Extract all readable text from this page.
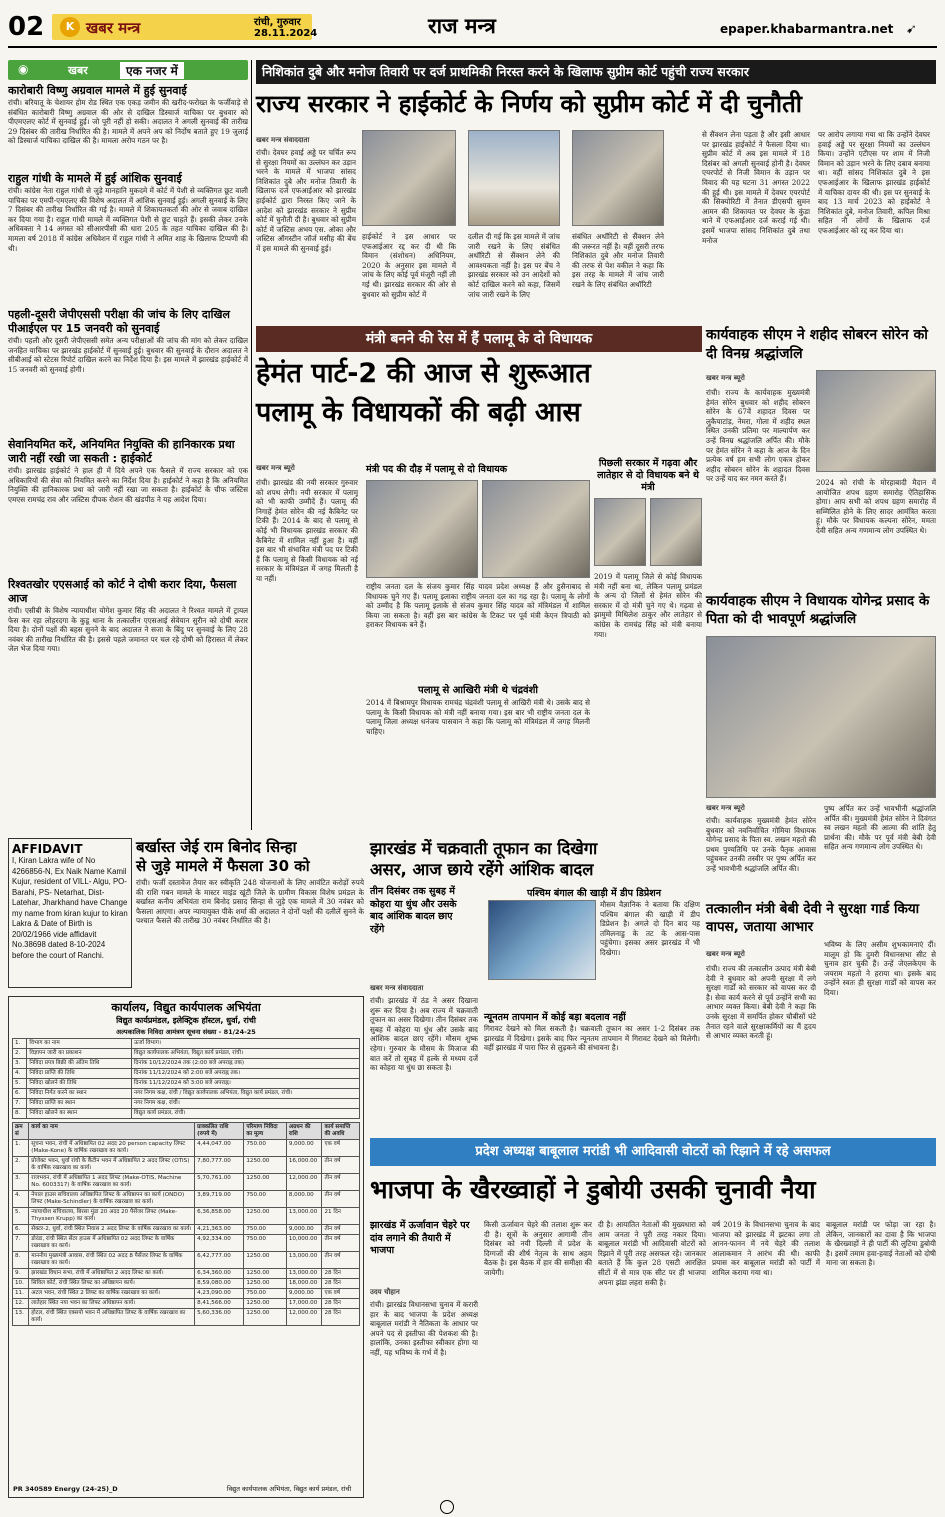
02	K खबर मन्त्र	रांची, गुरुवार
28.11.2024	राज मन्त्र	epaper.khabarmantra.net ➹
◉	खबर	एक नजर में
कारोबारी विष्णु अग्रवाल मामले में हुई सुनवाई
रांची। बरियातू के चेशायर होम रोड स्थित एक एकड़ जमीन की खरीद-फरोख्त के फर्जीवाड़े से संबंधित कारोबारी विष्णु अग्रवाल की ओर से दाखिल डिस्चार्ज याचिका पर बुधवार को पीएमएलए कोर्ट में सुनवाई हुई। जो पूरी नहीं हो सकी। अदालत ने अगली सुनवाई की तारीख 29 दिसंबर की तारीख निर्धारित की है। मामले में अपने अप को निर्दोष बताते हुए 19 जुलाई को डिस्चार्ज याचिका दाखिल की है। मामला अरोप गठन पर है।
राहुल गांधी के मामले में हुई आंशिक सुनवाई
रांची। कांग्रेस नेता राहुल गांधी से जुड़े मानहानि मुकदमे में कोर्ट में पेशी से व्यक्तिगत छूट वाली याचिका पर एमपी-एमएलए की विशेष अदालत में आंशिक सुनवाई हुई। अगली सुनवाई के लिए 7 दिसंबर की तारीख निर्धारित की गई है। मामले में शिकायतकर्ता की ओर से जवाब दाखिल कर दिया गया है। राहुल गांधी मामले में व्यक्तिगत पेशी से छूट चाहते हैं। इसकी लेकर उनके अधिवक्ता ने 14 अगस्त को सीआरपीसी की धारा 205 के तहत याचिका दाखिल की है। मामला वर्ष 2018 में कांग्रेस अधिवेशन में राहुल गांधी ने अमित शाह के खिलाफ टिप्पणी की थी।
पहली-दूसरी जेपीएससी परीक्षा की जांच के लिए दाखिल पीआईएल पर 15 जनवरी को सुनवाई
रांची। पहली और दूसरी जेपीएससी समेत अन्य परीक्षाओं की जांच की मांग को लेकर दाखिल जनहित याचिका पर झारखंड हाईकोर्ट में सुनवाई हुई। बुधवार की सुनवाई के दौरान अदालत ने सीबीआई को स्टेटस रिपोर्ट दाखिल करने का निर्देश दिया है। इस मामले में झारखंड हाईकोर्ट में 15 जनवरी को सुनवाई होगी।
सेवानियमित करें, अनियमित नियुक्ति की हानिकारक प्रथा जारी नहीं रखी जा सकती : हाईकोर्ट
रांची। झारखंड हाईकोर्ट ने हाल ही में दिये अपने एक फैसले में राज्य सरकार को एक अधिकारियों की सेवा को नियमित करने का निर्देश दिया है। हाईकोर्ट ने कहा है कि अनियमित नियुक्ति की हानिकारक प्रथा को जारी नहीं रखा जा सकता है। हाईकोर्ट के चीफ जस्टिस एमएस रामचंद्र राव और जस्टिस दीपक रोशन की खंडपीठ ने यह आदेश दिया।
रिश्वतखोर एएसआई को कोर्ट ने दोषी करार दिया, फैसला आज
रांची। एसीबी के विशेष न्यायाधीश योगेश कुमार सिंह की अदालत ने रिश्वत मामले में ट्रायल फेस कर रहा लोहरदगा के कुडू थाना के तत्कालीन एएसआई सेवेयान सुरीन को दोषी करार दिया है। दोनों पक्षों की बहस सुनने के बाद अदालत ने सजा के बिंदु पर सुनवाई के लिए 28 नवंबर की तारीख निर्धारित की है। इससे पहले जमानत पर चल रहे दोषी को हिरासत में लेकर जेल भेज दिया गया।
निशिकांत दुबे और मनोज तिवारी पर दर्ज प्राथमिकी निरस्त करने के खिलाफ सुप्रीम कोर्ट पहुंची राज्य सरकार
राज्य सरकार ने हाईकोर्ट के निर्णय को सुप्रीम कोर्ट में दी चुनौती
खबर मन्त्र संवाददाता
रांची। देवघर हवाई अड्डे पर चर्चित रूप से सुरक्षा नियमों का उल्लंघन कर उड़ान भरने के मामले में भाजपा सांसद निशिकांत दुबे और मनोज तिवारी के खिलाफ दर्ज एफआईआर को झारखंड हाईकोर्ट द्वारा निरस्त किए जाने के आदेश को झारखंड सरकार ने सुप्रीम कोर्ट में चुनौती दी है। बुधवार को सुप्रीम कोर्ट में जस्टिस अभय एस. ओका और जस्टिस ऑगस्टीन जॉर्ज मसीह की बेंच में इस मामले की सुनवाई हुई।
हाईकोर्ट ने इस आधार पर एफआईआर रद्द कर दी थी कि विमान (संशोधन) अधिनियम, 2020 के अनुसार इस मामले में जांच के लिए कोई पूर्व मंजूरी नहीं ली गई थी। झारखंड सरकार की ओर से बुधवार को सुप्रीम कोर्ट में
दलील दी गई कि इस मामले में जांच जारी रखने के लिए संबंधित अथॉरिटी से सैंक्शन लेने की आवश्यकता नहीं है। इस पर बेंच ने झारखंड सरकार को उन आदेशों को कोर्ट दाखिल करने को कहा, जिसमें जांच जारी रखने के लिए
संबंधित अथॉरिटी से सैंक्शन लेने की जरूरत नहीं है। वहीं दूसरी तरफ निशिकांत दुबे और मनोज तिवारी की तरफ से पेश वकील ने कहा कि इस तरह के मामले में जांच जारी रखने के लिए संबंधित अथॉरिटी
से सैंक्शन लेना पड़ता है और इसी आधार पर झारखंड हाईकोर्ट ने फैसला दिया था। सुप्रीम कोर्ट में अब इस मामले में 18 दिसंबर को अगली सुनवाई होनी है। देवघर एयरपोर्ट से निजी विमान के उड़ान पर विवाद की यह घटना 31 अगस्त 2022 की हुई थी। इस मामले में देवघर एयरपोर्ट की सिक्योरिटी में तैनात डीएसपी सुमन आमन की शिकायत पर देवघर के कुंडा थाने में एफआईआर दर्ज कराई गई थी। इसमें भाजपा सांसद निशिकांत दुबे तथा मनोज
पर आरोप लगाया गया था कि उन्होंने देवघर हवाई अड्डे पर सुरक्षा नियमों का उल्लंघन किया। उन्होंने एटीएस पर शाम में निजी विमान को उड़ान भरने के लिए दबाव बनाया था। वहीं सांसद निशिकांत दुबे ने इस एफआईआर के खिलाफ झारखंड हाईकोर्ट में याचिका दायर की थी। इस पर सुनवाई के बाद 13 मार्च 2023 को हाईकोर्ट ने निशिकांत दुबे, मनोज तिवारी, कपिल मिश्रा सहित नौ लोगों के खिलाफ दर्ज एफआईआर को रद्द कर दिया था।
मंत्री बनने की रेस में हैं पलामू के दो विधायक
हेमंत पार्ट-2 की आज से शुरूआत
पलामू के विधायकों की बढ़ी आस
खबर मन्त्र ब्यूरो
रांची। झारखंड की नयी सरकार गुरुवार को शपथ लेगी। नयी सरकार में पलामू को भी काफी उम्मीदें हैं। पलामू की निगाहें हेमंत सोरेन की नई कैबिनेट पर टिकी हैं। 2014 के बाद से पलामू से कोई भी विधायक झारखंड सरकार की कैबिनेट में शामिल नहीं हुआ है। वहीं इस बार भी संभावित मंत्री पद पर टिकी हैं कि पलामू से किसी विधायक को नई सरकार के मंत्रिमंडल में जगह मिलती है या नहीं।
मंत्री पद की दौड़ में पलामू से दो विधायक
राष्ट्रीय जनता दल के संजय कुमार सिंह यादव प्रदेश अध्यक्ष हैं और हुसैनाबाद से विधायक चुने गए हैं। पलामू इलाका राष्ट्रीय जनता दल का गढ़ रहा है। पलामू के लोगों को उम्मीद है कि पलामू इलाके से संजय कुमार सिंह यादव को मंत्रिमंडल में शामिल किया जा सकता है। वहीं इस बार कांग्रेस के टिकट पर पूर्व मंत्री केएन त्रिपाठी को हराकर विधायक बने हैं।
पलामू से आखिरी मंत्री थे चंद्रवंशी
2014 में बिश्रामपुर विधायक रामचंद्र चंद्रवंशी पलामू से आखिरी मंत्री थे। उसके बाद से पलामू के किसी विधायक को मंत्री नहीं बनाया गया। इस बार भी राष्ट्रीय जनता दल के पलामू जिला अध्यक्ष धनंजय पासवान ने कहा कि पलामू को मंत्रिमंडल में जगह मिलनी चाहिए।
पिछली सरकार में गढ़वा और लातेहार से दो विधायक बने थे मंत्री
2019 में पलामू जिले से कोई विधायक मंत्री नहीं बना था, लेकिन पलामू प्रमंडल के अन्य दो जिलों से हेमंत सोरेन की सरकार में दो मंत्री चुने गए थे। गढ़वा से झामुमो मिथिलेश ठाकुर और लातेहार से कांग्रेस के रामचंद्र सिंह को मंत्री बनाया गया।
कार्यवाहक सीएम ने शहीद सोबरन सोरेन को दी विनम्र श्रद्धांजलि
खबर मन्त्र ब्यूरो
रांची। राज्य के कार्यवाहक मुख्यमंत्री हेमंत सोरेन बुधवार को शहीद सोबरन सोरेन के 67वें शहादत दिवस पर लुकैयाटांड़, नेमरा, गोला में शहीद स्थल स्थित उनकी प्रतिमा पर माल्यार्पण कर उन्हें विनम्र श्रद्धांजलि अर्पित की। मौके पर हेमंत सोरेन ने कहा के आज के दिन प्रत्येक वर्ष हम सभी लोग एकत्र होकर शहीद सोबरन सोरेन के शहादत दिवस पर उन्हें याद कर नमन करते हैं।	2024 को रांची के मोरहाबादी मैदान में आयोजित शपथ ग्रहण समारोह ऐतिहासिक होगा। आप सभी को शपथ ग्रहण समारोह में सम्मिलित होने के लिए सादर आमंत्रित करता हूं। मौके पर विधायक कल्पना सोरेन, ममता देवी सहित अन्य गणमान्य लोग उपस्थित थे।
कार्यवाहक सीएम ने विधायक योगेन्द्र प्रसाद के पिता को दी भावपूर्ण श्रद्धांजलि
खबर मन्त्र ब्यूरो
रांची। कार्यवाहक मुख्यमंत्री हेमंत सोरेन बुधवार को नवनिर्वाचित गोमिया विधायक योगेन्द्र प्रसाद के पिता स्व. लखन महतो की प्रथम पुण्यतिथि पर उनके पैतृक आवास पहुंचकर उनकी तस्वीर पर पुष्प अर्पित कर उन्हें भावभीनी श्रद्धांजलि अर्पित की।
पुष्प अर्पित कर उन्हें भावभीनी श्रद्धांजलि अर्पित की। मुख्यमंत्री हेमंत सोरेन ने दिवंगत स्व लखन महतो की आत्मा की शांति हेतु प्रार्थना की। मौके पर पूर्व मंत्री बेबी देवी सहित अन्य गणमान्य लोग उपस्थित थे।
तत्कालीन मंत्री बेबी देवी ने सुरक्षा गार्ड किया वापस, जताया आभार
खबर मन्त्र ब्यूरो
रांची। राज्य की तत्कालीन उत्पाद मंत्री बेबी देवी ने बुधवार को अपनी सुरक्षा में लगे सुरक्षा गार्डों को सरकार को वापस कर दी है। सेवा कार्य करने से पूर्व उन्होंने सभी का आभार व्यक्त किया। बेबी देवी ने कहा कि उनके सुरक्षा में समर्पित होकर चौबीसों घंटे तैनात रहने वाले सुरक्षाकर्मियों का मैं हृदय से आभार व्यक्त करती हूं।
भविष्य के लिए असीम शुभकामनाएं दीं। मालूम हो कि दुमरी विधानसभा सीट से चुनाव हार चुकी हैं। उन्हें जेएलकेएम के जयराम महतो ने हराया था। इसके बाद उन्होंने स्वतः ही सुरक्षा गार्डों को वापस कर दिया।
AFFIDAVIT
I, Kiran Lakra wife of No 4266856-N, Ex Naik Name Kamil Kujur, resident of VILL- Algu, PO- Barahi, PS- Netarhat, Dist- Latehar, Jharkhand have Change my name from kiran kujur to kiran Lakra & Date of Birth is 20/02/1966 vide affidavit No.38698 dated 8-10-2024 before the court of Ranchi.
बर्खास्त जेई राम बिनोद सिन्हा
से जुड़े मामले में फैसला 30 को
रांची। फर्जी दस्तावेज तैयार कर स्वीकृति 248 योजनाओं के लिए आवंटित करोड़ों रुपये की राशि गबन मामले के मास्टर माइंड खूंटी जिले के ग्रामीण विकास विशेष प्रमंडल के बर्खास्त कनीय अभियंता राम बिनोद प्रसाद सिन्हा से जुड़े एक मामले में 30 नवंबर को फैसला आएगा। अपर न्यायायुक्त पीके शर्मा की अदालत ने दोनों पक्षों की दलीलें सुनने के पश्चात फैसले की तारीख 30 नवंबर निर्धारित की है।
कार्यालय, विद्युत कार्यपालक अभियंता
विद्युत कार्यप्रमंडल, इलेक्ट्रिक हॉस्टल, धुर्वा, रांची
अल्पकालिक निविदा आमंत्रण सूचना संख्या - 81/24-25
1.	विभाग का नाम	ऊर्जा विभाग।
2.	विज्ञापन जारी का प्रकाशन	विद्युत कार्यपालक अभियंता, विद्युत कार्य प्रमंडल, रांची।
3.	निविदा प्रपत्र बिक्री की अंतिम तिथि	दिनांक 10/12/2024 तक (2:00 बजे अपराह्न तक)
4.	निविदा प्राप्ति की तिथि	दिनांक 11/12/2024 को 2:00 बजे अपराह्न तक।
5.	निविदा खोलने की तिथि	दिनांक 11/12/2024 को 3:00 बजे अपराह्न।
6.	निविदा निर्गत करने का स्थान	नगर निगम कक्ष, रांची / विद्युत कार्यपालक अभियंता, विद्युत कार्य प्रमंडल, रांची।
7.	निविदा प्राप्ति का स्थान	नगर निगम कक्ष, रांची।
8.	निविदा खोलने का स्थान	विद्युत कार्य प्रमंडल, रांची।
क्रम सं	कार्य का नाम	प्राक्कलित राशि (रुपये में)	परिमाण निविदा का मूल्य	अग्रधन की राशि	कार्य समाप्ति की अवधि
1.	सूचना भवन, रांची में अधिष्ठापित 02 अदद 20 person capacity लिफ्ट (Make-Kone) के वार्षिक रखरखाव का कार्य।	4,44,047.00	750.00	9,000.00	एक वर्ष
2.	प्रोजेक्ट भवन, धुर्वा रांची के कैंटीन भवन में अधिष्ठापित 2 अदद लिफ्ट (OTIS) के वार्षिक रखरखाव का कार्य।	7,80,777.00	1250.00	16,000.00	तीन वर्ष
3.	राजभवन, रांची में अधिष्ठापित 1 अदद लिफ्ट (Make-OTIS, Machine No. 6003317) के वार्षिक रखरखाव का कार्य।	5,70,761.00	1250.00	12,000.00	तीन वर्ष
4.	नेपाल हाउस सचिवालय अधिष्ठापित लिफ्ट के अधिष्ठापन का कार्य (ONDO) लिफ्ट (Make-Schindler) के वार्षिक रखरखाव का कार्य।	3,89,719.00	750.00	8,000.00	तीन वर्ष
5.	न्यायाधीश सचिवालय, बिरसा मुंडा 20 अदद 20 पैसेंजर लिफ्ट (Make-Thyssen Krupp) का कार्य।	6,36,858.00	1250.00	13,000.00	21 दिन
6.	सेक्टर-2, धुर्वा, रांची स्थित निवास 2 अदद लिफ्ट के वार्षिक रखरखाव का कार्य।	4,21,363.00	750.00	9,000.00	तीन वर्ष
7.	डोरंडा, रांची स्थित सेंटर हाउस में अधिष्ठापित 02 अदद लिफ्ट के वार्षिक रखरखाव का कार्य।	4,92,334.00	750.00	10,000.00	तीन वर्ष
8.	माननीय मुख्यमंत्री आवास, रांची स्थित 02 अदद 8 पैसेंजर लिफ्ट के वार्षिक रखरखाव का कार्य।	6,42,777.00	1250.00	13,000.00	तीन वर्ष
9.	झारखंड विधान सभा, रांची में अधिष्ठापित 2 अदद लिफ्ट का कार्य।	6,34,360.00	1250.00	13,000.00	28 दिन
10.	सिविल कोर्ट, रांची स्थित लिफ्ट का अधिष्ठापन कार्य।	8,59,080.00	1250.00	18,000.00	28 दिन
11.	अटल भवन, रांची स्थित 2 लिफ्ट का वार्षिक रखरखाव का कार्य।	4,23,090.00	750.00	9,000.00	एक वर्ष
12.	लातेहार स्थित नया भवन का लिफ्ट अधिष्ठापन कार्य।	8,41,566.00	1250.00	17,000.00	28 दिन
13.	होटल, रांची स्थित एक्सपो भवन में अधिष्ठापित लिफ्ट के वार्षिक रखरखाव का कार्य।	5,60,336.00	1250.00	12,000.00	28 दिन
PR 340589 Energy (24-25)_D	विद्युत कार्यपालक अभियंता, विद्युत कार्य प्रमंडल, रांची
झारखंड में चक्रवाती तूफान का दिखेगा
असर, आज छाये रहेंगे आंशिक बादल
तीन दिसंबर तक सुबह में कोहरा या धुंध और उसके बाद आंशिक बादल छाए रहेंगे
पश्चिम बंगाल की खाड़ी में डीप डिप्रेशन
मौसम वैज्ञानिक ने बताया कि दक्षिण पश्चिम बंगाल की खाड़ी में डीप डिप्रेशन है। अगले दो दिन बाद यह तमिलनाडु के तट के आस-पास पहुंचेगा। इसका असर झारखंड में भी दिखेगा।
खबर मन्त्र संवाददाता
रांची। झारखंड में ठंड ने असर दिखाना शुरू कर दिया है। अब राज्य में चक्रवाती तूफान का असर दिखेगा। तीन दिसंबर तक सुबह में कोहरा या धुंध और उसके बाद आंशिक बादल छाए रहेंगे। मौसम शुष्क रहेगा। गुरुवार के मौसम के मिजाज की बात करें तो सुबह में हल्के से मध्यम दर्जे का कोहरा या धुंध छा सकता है।
न्यूनतम तापमान में कोई बड़ा बदलाव नहीं
गिरावट देखने को मिल सकती है। चक्रवाती तूफान का असर 1-2 दिसंबर तक झारखंड में दिखेगा। इसके बाद फिर न्यूनतम तापमान में गिरावट देखने को मिलेगी। वहीं झारखंड में पारा फिर से लुढ़कने की संभावना है।
प्रदेश अध्यक्ष बाबूलाल मरांडी भी आदिवासी वोटरों को रिझाने में रहे असफल
भाजपा के खैरख्वाहों ने डुबोयी उसकी चुनावी नैया
झारखंड में ऊर्जावान चेहरे पर दांव लगाने की तैयारी में भाजपा
उदय चौहान
रांची। झारखंड विधानसभा चुनाव में करारी हार के बाद भाजपा के प्रदेश अध्यक्ष बाबूलाल मरांडी ने नैतिकता के आधार पर अपने पद से इस्तीफा की पेशकश की है। हालांकि, उनका इस्तीफा स्वीकार होगा या नहीं, यह भविष्य के गर्भ में है।
किसी ऊर्जावान चेहरे की तलाश शुरू कर दी है। सूत्रों के अनुसार आगामी तीन दिसंबर को नयी दिल्ली में प्रदेश के दिग्गजों की शीर्ष नेतृत्व के साथ अहम बैठक है। इस बैठक में हार की समीक्षा की जायेगी।
दी है। आयातित नेताओं की मुख्यधारा को आम जनता ने पूरी तरह नकार दिया। बाबूलाल मरांडी भी आदिवासी वोटरों को रिझाने में पूरी तरह असफल रहे। जानकार बताते हैं कि कुल 28 एसटी आरक्षित सीटों में से मात्र एक सीट पर ही भाजपा अपना झंडा लहरा सकी है।
वर्ष 2019 के विधानसभा चुनाव के बाद भाजपा को झारखंड में झटका लगा तो आनन-फानन में नये चेहरे की तलाश आलाकमान ने आरंभ की थी। काफी प्रयास कर बाबूलाल मरांडी को पार्टी में शामिल कराया गया था।
बाबूलाल मरांडी पर फोड़ा जा रहा है। लेकिन, जानकारों का दावा है कि भाजपा के खैरख्वाहों ने ही पार्टी की लुटिया डुबोयी है। इसमें तमाम हवा-हवाई नेताओं को दोषी माना जा सकता है।
